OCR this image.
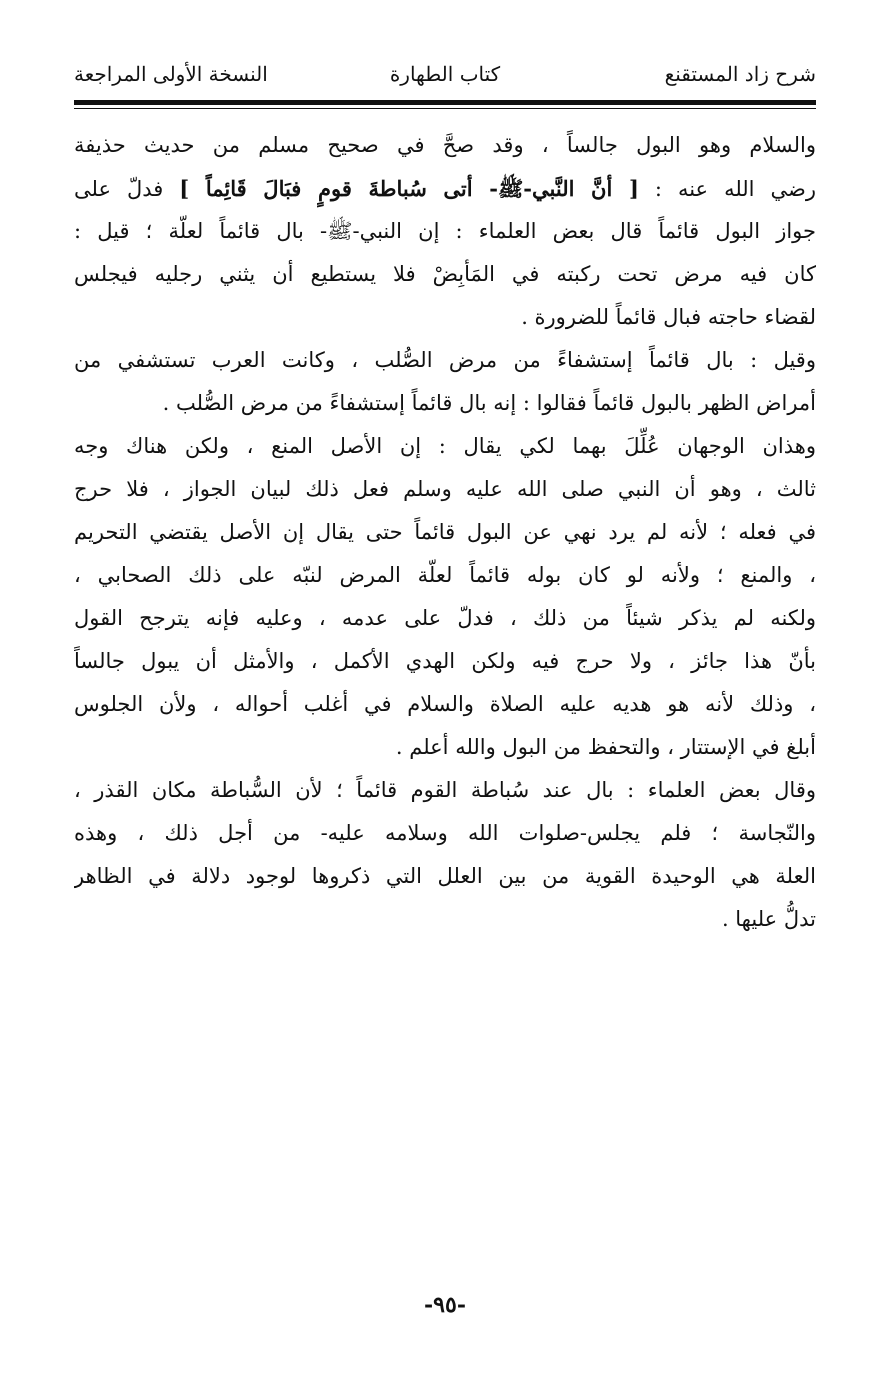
شرح زاد المستقنع
كتاب الطهارة
النسخة الأولى المراجعة
والسلام وهو البول جالساً ، وقد صحَّ في صحيح مسلم من حديث حذيفة
رضي الله عنه : [ أنَّ النَّبي-ﷺ- أتى سُباطةَ قومٍ فبَالَ قَائِماً ] فدلّ على
جواز البول قائماً قال بعض العلماء : إن النبي-ﷺ- بال قائماً لعلّة ؛ قيل :
كان فيه مرض تحت ركبته في المَأبِضْ فلا يستطيع أن يثني رجليه فيجلس
لقضاء حاجته فبال قائماً للضرورة .
وقيل : بال قائماً إستشفاءً من مرض الصُّلب ، وكانت العرب تستشفي من
أمراض الظهر بالبول قائماً فقالوا : إنه بال قائماً إستشفاءً من مرض الصُّلب .
وهذان الوجهان عُلِّلَ بهما لكي يقال : إن الأصل المنع ، ولكن هناك وجه
ثالث ، وهو أن النبي صلى الله عليه وسلم فعل ذلك لبيان الجواز ، فلا حرج
في فعله ؛ لأنه لم يرد نهي عن البول قائماً حتى يقال إن الأصل يقتضي التحريم
، والمنع ؛ ولأنه لو كان بوله قائماً لعلّة المرض لنبّه على ذلك الصحابي ،
ولكنه لم يذكر شيئاً من ذلك ، فدلّ على عدمه ، وعليه فإنه يترجح القول
بأنّ هذا جائز ، ولا حرج فيه ولكن الهدي الأكمل ، والأمثل أن يبول جالساً
، وذلك لأنه هو هديه عليه الصلاة والسلام في أغلب أحواله ، ولأن الجلوس
أبلغ في الإستتار ، والتحفظ من البول والله أعلم .
وقال بعض العلماء : بال عند سُباطة القوم قائماً ؛ لأن السُّباطة مكان القذر ،
والنّجاسة ؛ فلم يجلس-صلوات الله وسلامه عليه- من أجل ذلك ، وهذه
العلة هي الوحيدة القوية من بين العلل التي ذكروها لوجود دلالة في الظاهر
تدلُّ عليها .
-٩٥-
